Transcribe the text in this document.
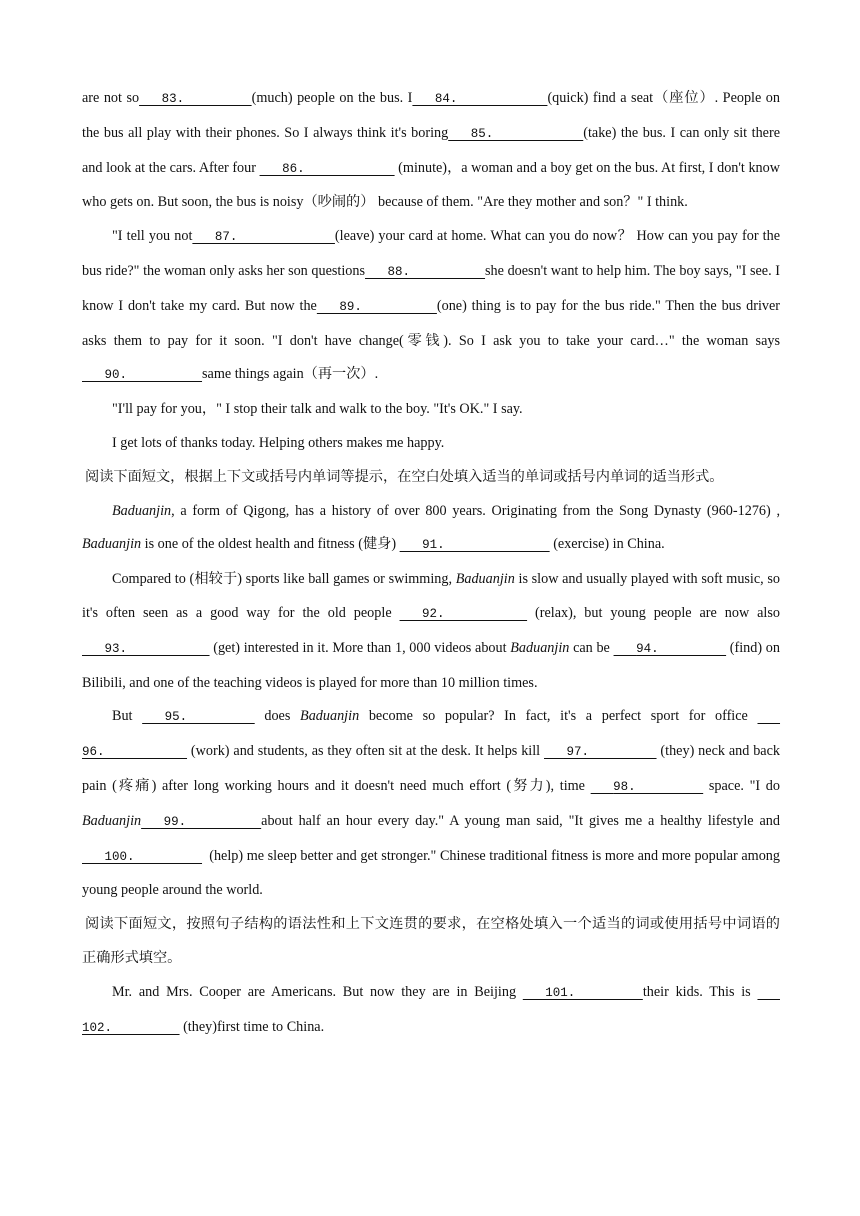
are not so   83.         (much) people on the bus. I   84.            (quick) find a seat（座位）. People on the bus all play with their phones. So I always think it's boring   85.            (take) the bus. I can only sit there and look at the cars. After four    86.             (minute)，a woman and a boy get on the bus. At first, I don't know who gets on. But soon, the bus is noisy（吵闹的） because of them. "Are they mother and son？" I think.

"I tell you not   87.             (leave) your card at home. What can you do now？ How can you pay for the bus ride?" the woman only asks her son questions   88.          she doesn't want to help him. The boy says, "I see. I know I don't take my card. But now the   89.          (one) thing is to pay for the bus ride." Then the bus driver asks them to pay for it soon. "I don't have change(零钱). So I ask you to take your card…" the woman says   90.          same things again（再一次）.

"I'll pay for you，" I stop their talk and walk to the boy. "It's OK." I say.

I get lots of thanks today. Helping others makes me happy.

阅读下面短文，根据上下文或括号内单词等提示，在空白处填入适当的单词或括号内单词的适当形式。

Baduanjin, a form of Qigong, has a history of over 800 years. Originating from the Song Dynasty (960-1276) , Baduanjin is one of the oldest health and fitness (健身)    91.               (exercise) in China.

Compared to (相较于) sports like ball games or swimming, Baduanjin is slow and usually played with soft music, so it's often seen as a good way for the old people    92.            (relax), but young people are now also    93.            (get) interested in it. More than 1, 000 videos about Baduanjin can be    94.          (find) on Bilibili, and one of the teaching videos is played for more than 10 million times.

But    95.          does Baduanjin become so popular? In fact, it's a perfect sport for office    96.            (work) and students, as they often sit at the desk. It helps kill    97.          (they) neck and back pain (疼痛) after long working hours and it doesn't need much effort (努力), time    98.          space. "I do Baduanjin   99.          about half an hour every day." A young man said, "It gives me a healthy lifestyle and    100.           (help) me sleep better and get stronger." Chinese traditional fitness is more and more popular among young people around the world.

阅读下面短文，按照句子结构的语法性和上下文连贯的要求，在空格处填入一个适当的词或使用括号中词语的正确形式填空。

Mr. and Mrs. Cooper are Americans. But now they are in Beijing    101.         their kids. This is    102.          (they)first time to China.
